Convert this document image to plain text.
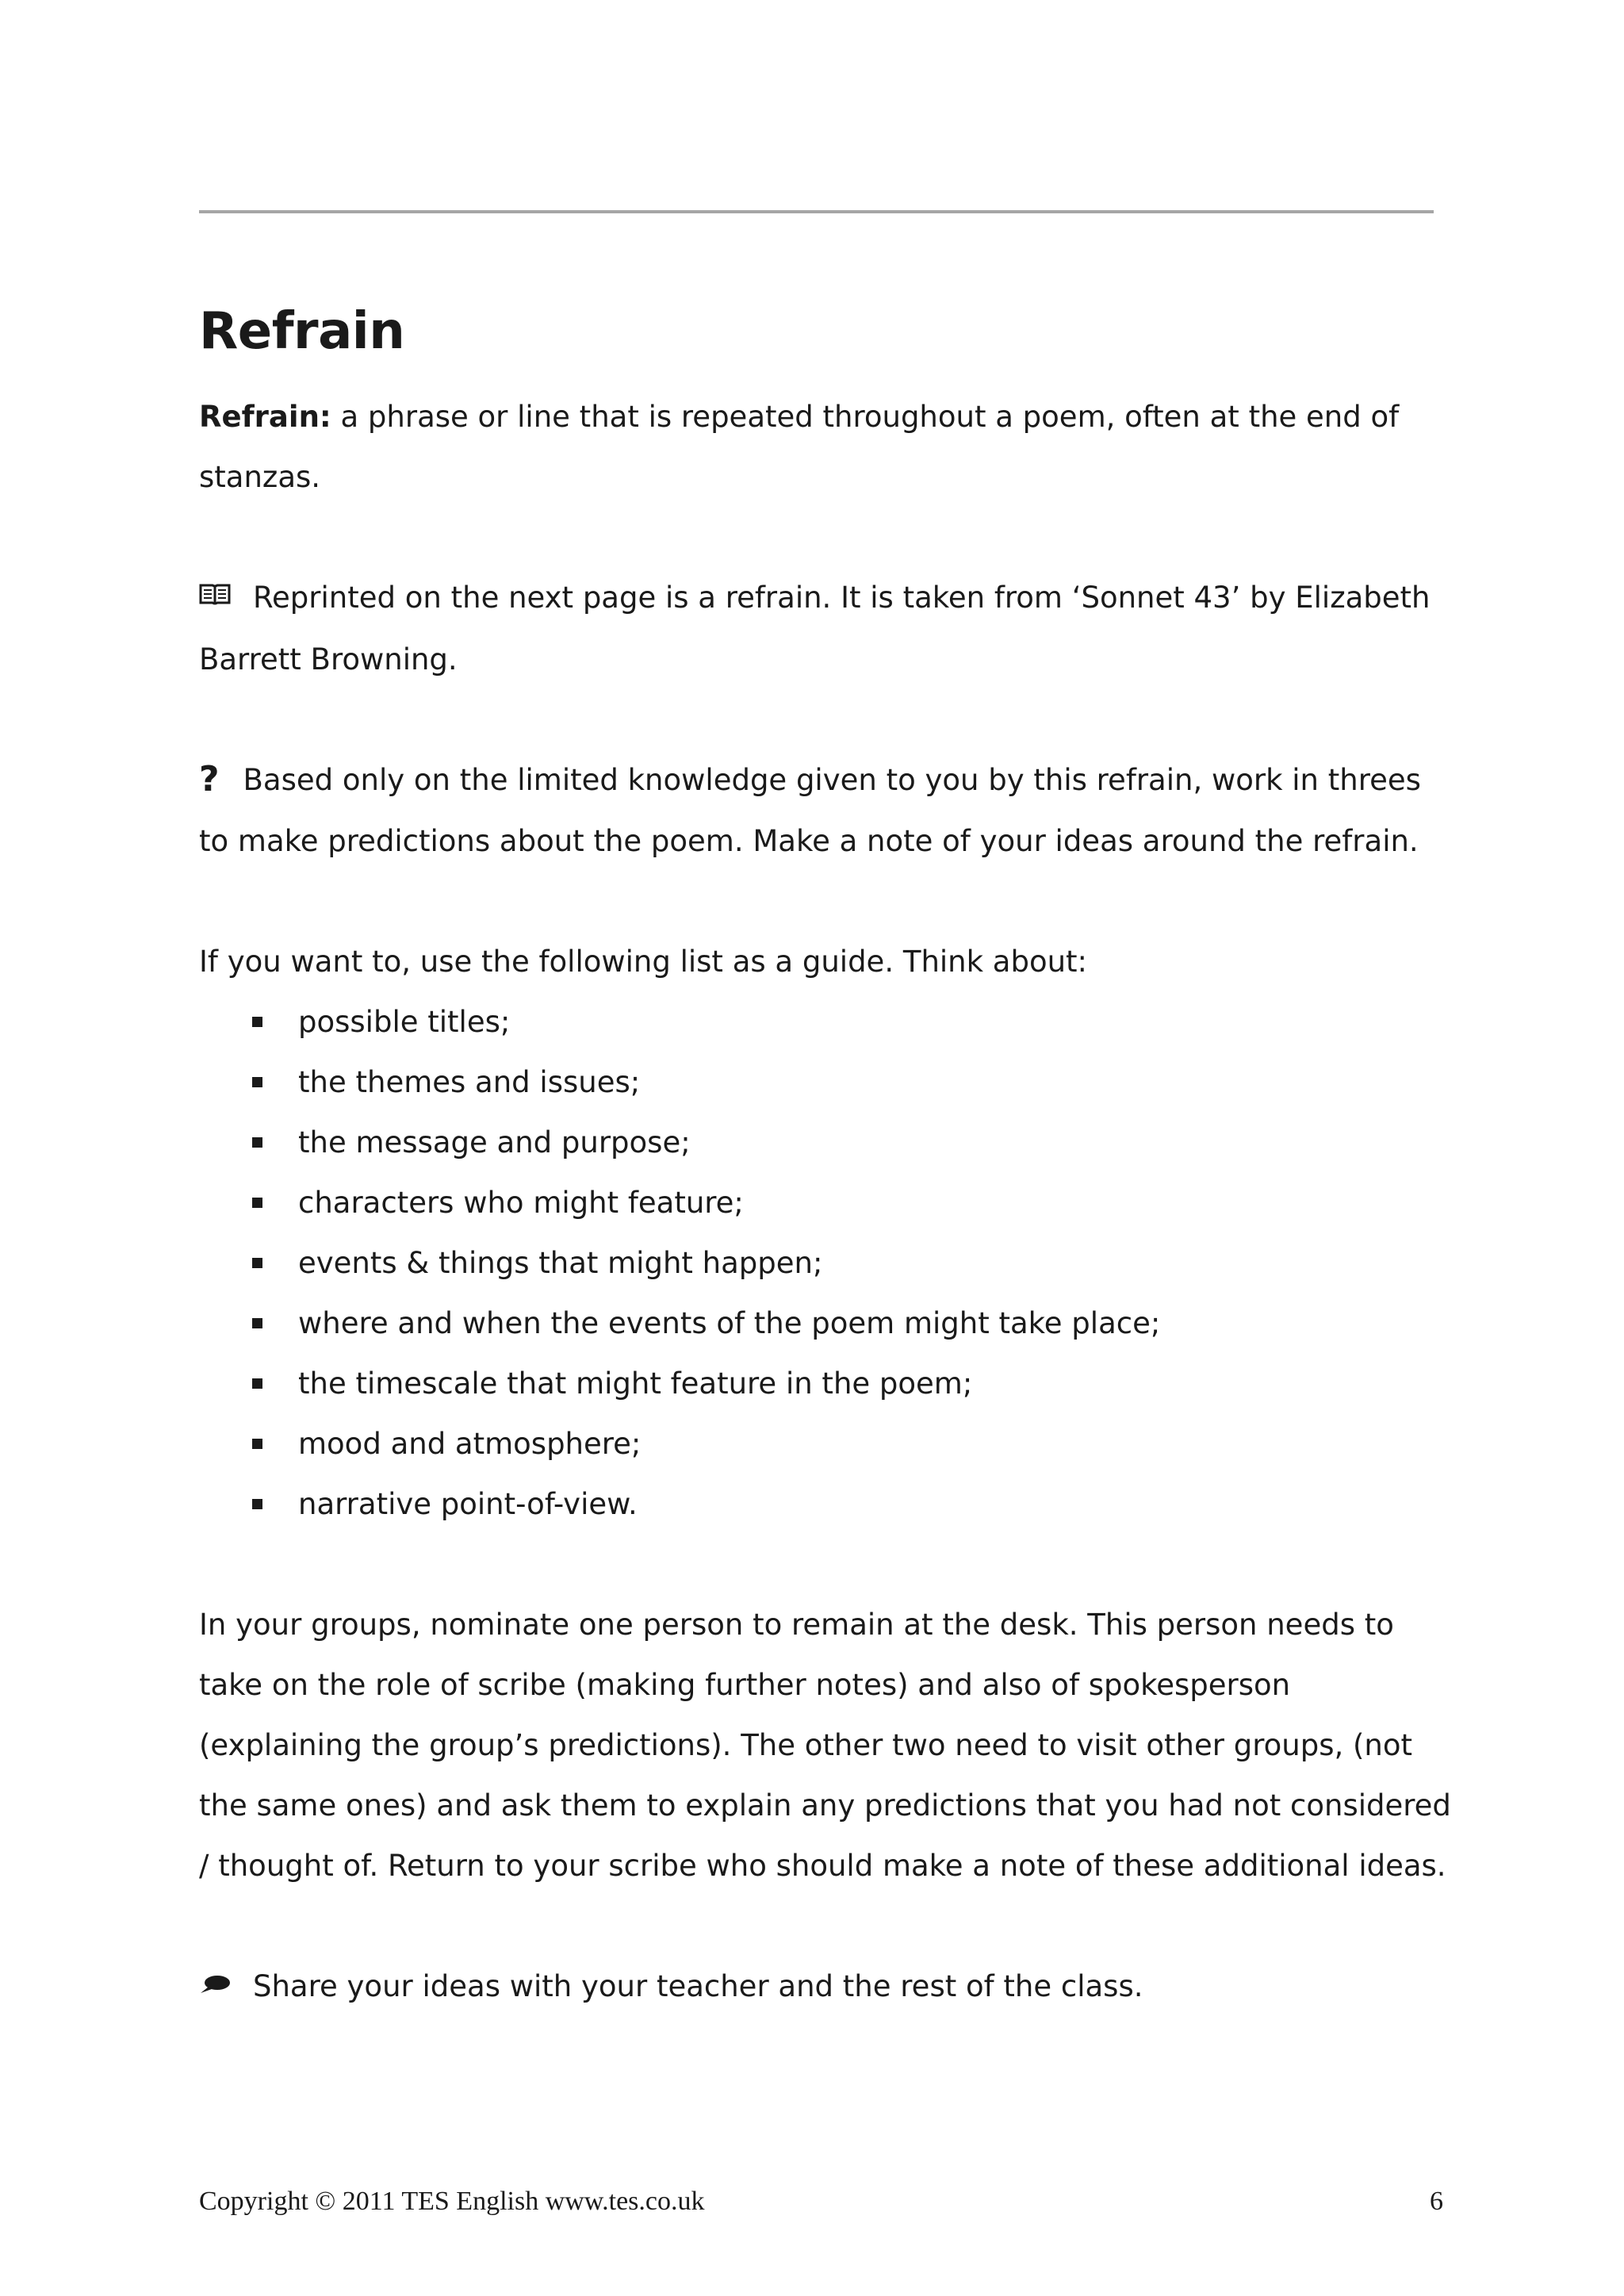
Refrain

Refrain: a phrase or line that is repeated throughout a poem, often at the end of stanzas.

Reprinted on the next page is a refrain. It is taken from ‘Sonnet 43’ by Elizabeth Barrett Browning.

? Based only on the limited knowledge given to you by this refrain, work in threes to make predictions about the poem. Make a note of your ideas around the refrain.

If you want to, use the following list as a guide. Think about:

possible titles;
the themes and issues;
the message and purpose;
characters who might feature;
events & things that might happen;
where and when the events of the poem might take place;
the timescale that might feature in the poem;
mood and atmosphere;
narrative point-of-view.

In your groups, nominate one person to remain at the desk. This person needs to take on the role of scribe (making further notes) and also of spokesperson (explaining the group’s predictions). The other two need to visit other groups, (not the same ones) and ask them to explain any predictions that you had not considered / thought of. Return to your scribe who should make a note of these additional ideas.

Share your ideas with your teacher and the rest of the class.

Copyright © 2011 TES English www.tes.co.uk	6
